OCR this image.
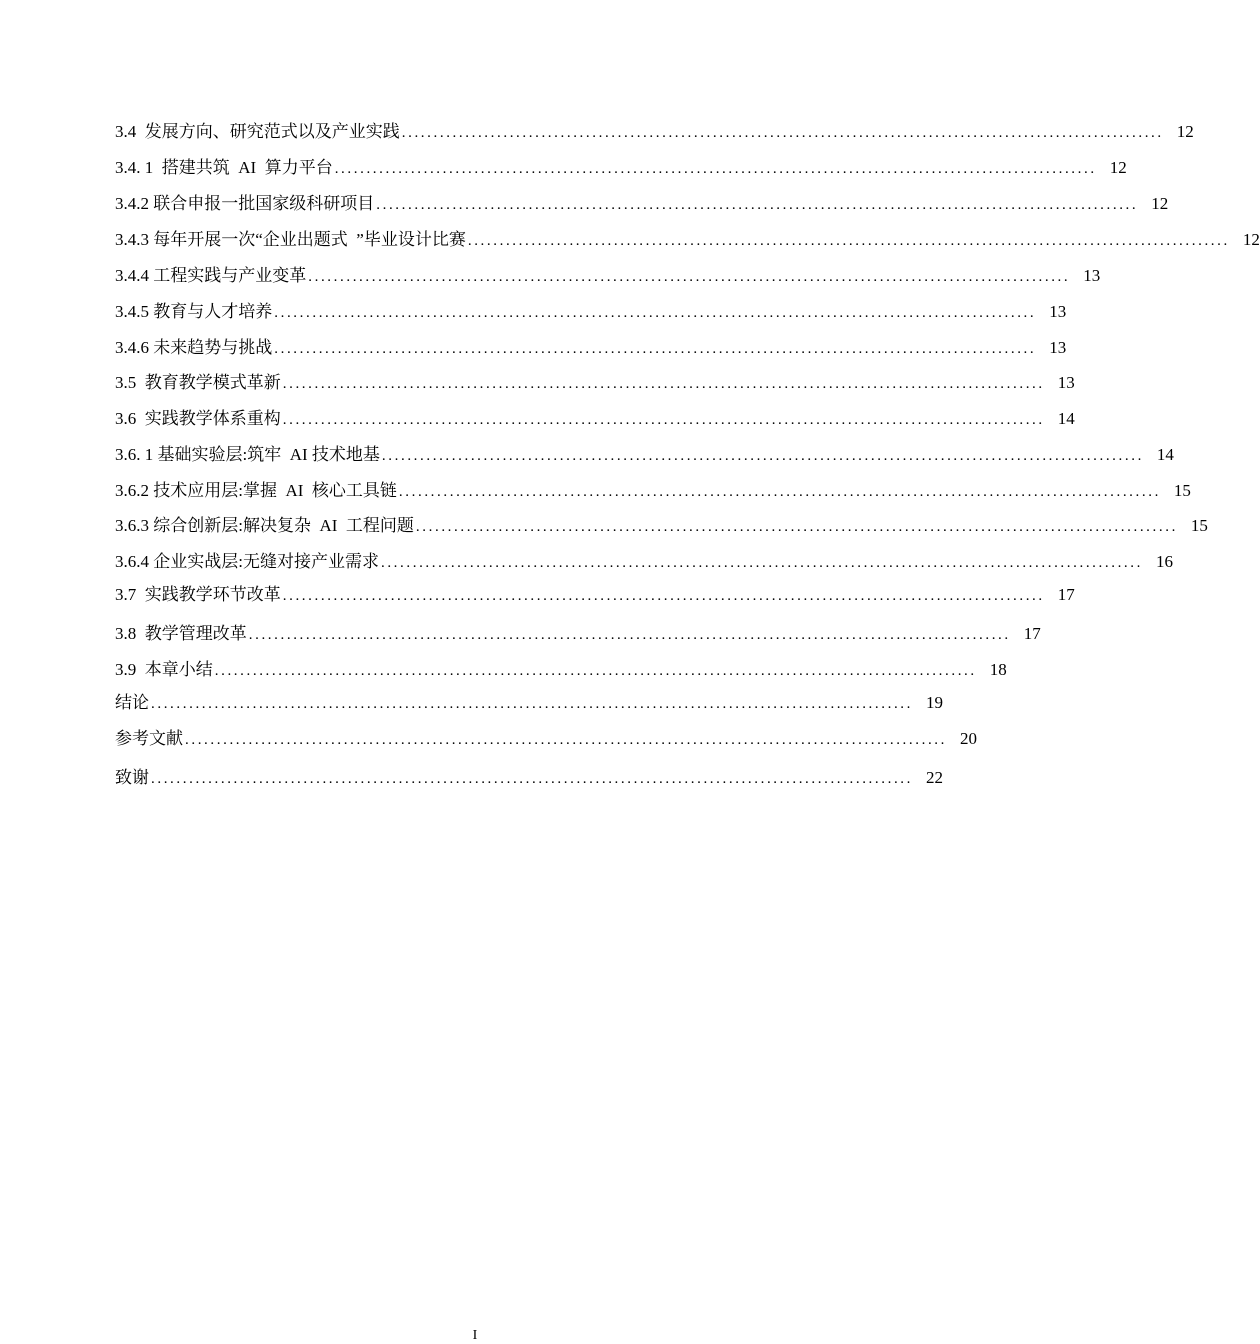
3.4  发展方向、研究范式以及产业实践 ........................................................................................................................ 12
3.4. 1  搭建共筑  AI  算力平台 ........................................................................................................................ 12
3.4.2 联合申报一批国家级科研项目 ........................................................................................................................ 12
3.4.3 每年开展一次“企业出题式  ”毕业设计比赛 ........................................................................................................................ 12
3.4.4 工程实践与产业变革 ........................................................................................................................ 13
3.4.5 教育与人才培养 ........................................................................................................................ 13
3.4.6 未来趋势与挑战 ........................................................................................................................ 13
3.5  教育教学模式革新 ........................................................................................................................ 13
3.6  实践教学体系重构 ........................................................................................................................ 14
3.6. 1 基础实验层:筑牢  AI 技术地基 ........................................................................................................................ 14
3.6.2 技术应用层:掌握  AI  核心工具链 ........................................................................................................................ 15
3.6.3 综合创新层:解决复杂  AI  工程问题 ........................................................................................................................ 15
3.6.4 企业实战层:无缝对接产业需求 ........................................................................................................................ 16
3.7  实践教学环节改革 ........................................................................................................................ 17
3.8  教学管理改革 ........................................................................................................................ 17
3.9  本章小结 ........................................................................................................................ 18
结论 ........................................................................................................................ 19
参考文献 ........................................................................................................................ 20
致谢 ........................................................................................................................ 22
I
